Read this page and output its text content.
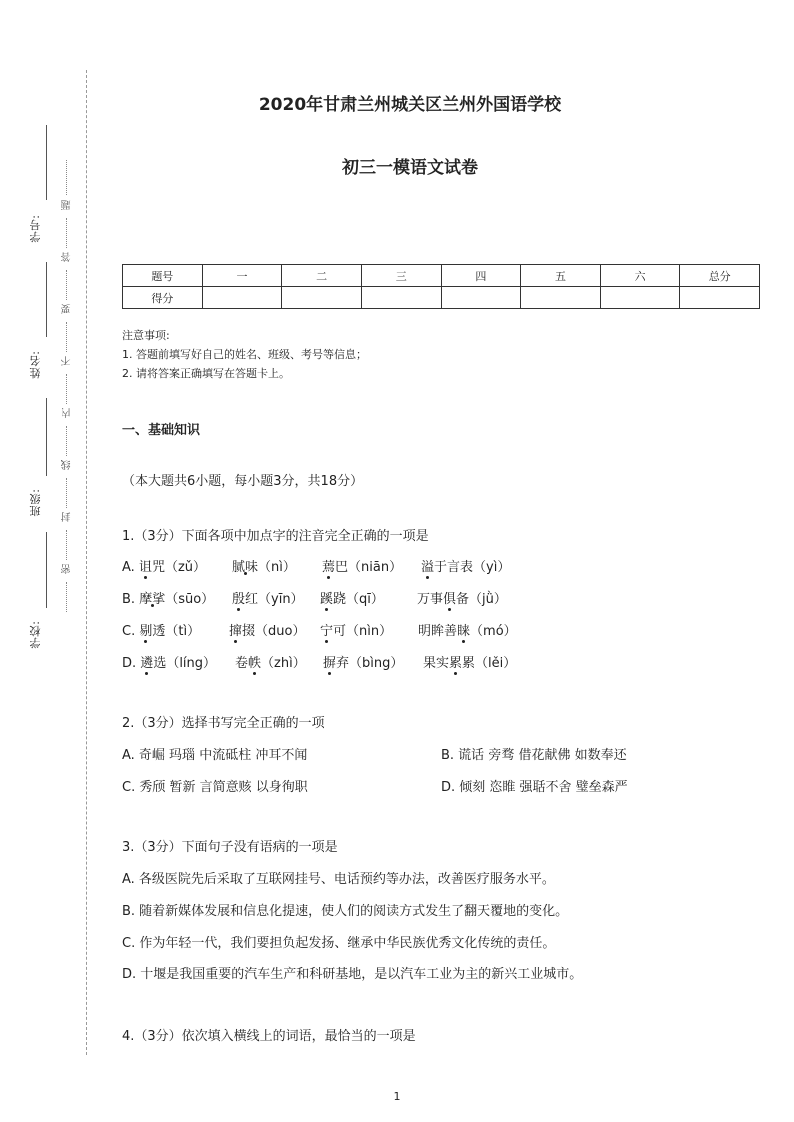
学号:
姓名:
班级:
学校:
题
答
要
不
内
线
封
密
2020年甘肃兰州城关区兰州外国语学校
初三一模语文试卷
题号	一	二	三	四	五	六	总分
得分							
注意事项:
1. 答题前填写好自己的姓名、班级、考号等信息；
2. 请将答案正确填写在答题卡上。
一、基础知识
（本大题共6小题，每小题3分，共18分）
1.（3分）下面各项中加点字的注音完全正确的一项是
A. 诅咒（zǔ） 腻味（nì） 蔫巴（niān） 溢于言表（yì）
B. 摩挲（sūo） 殷红（yīn） 蹊跷（qī）	万事俱备（jǜ）
C. 剔透（tì） 撺掇（duo） 宁可（nìn） 明眸善睐（mó）
D. 遴选（líng） 卷帙（zhì） 摒弃（bìng） 果实累累（lěi）
2.（3分）选择书写完全正确的一项
A. 奇崛 玛瑙 中流砥柱 冲耳不闻	B. 谎话 旁骛 借花献佛 如数奉还
C. 秀颀 暂新 言简意赅 以身徇职	D. 倾刻 恣睢 强聒不舍 璧垒森严
3.（3分）下面句子没有语病的一项是
A. 各级医院先后采取了互联网挂号、电话预约等办法，改善医疗服务水平。
B. 随着新媒体发展和信息化提速，使人们的阅读方式发生了翻天覆地的变化。
C. 作为年轻一代，我们要担负起发扬、继承中华民族优秀文化传统的责任。
D. 十堰是我国重要的汽车生产和科研基地，是以汽车工业为主的新兴工业城市。
4.（3分）依次填入横线上的词语，最恰当的一项是
1
